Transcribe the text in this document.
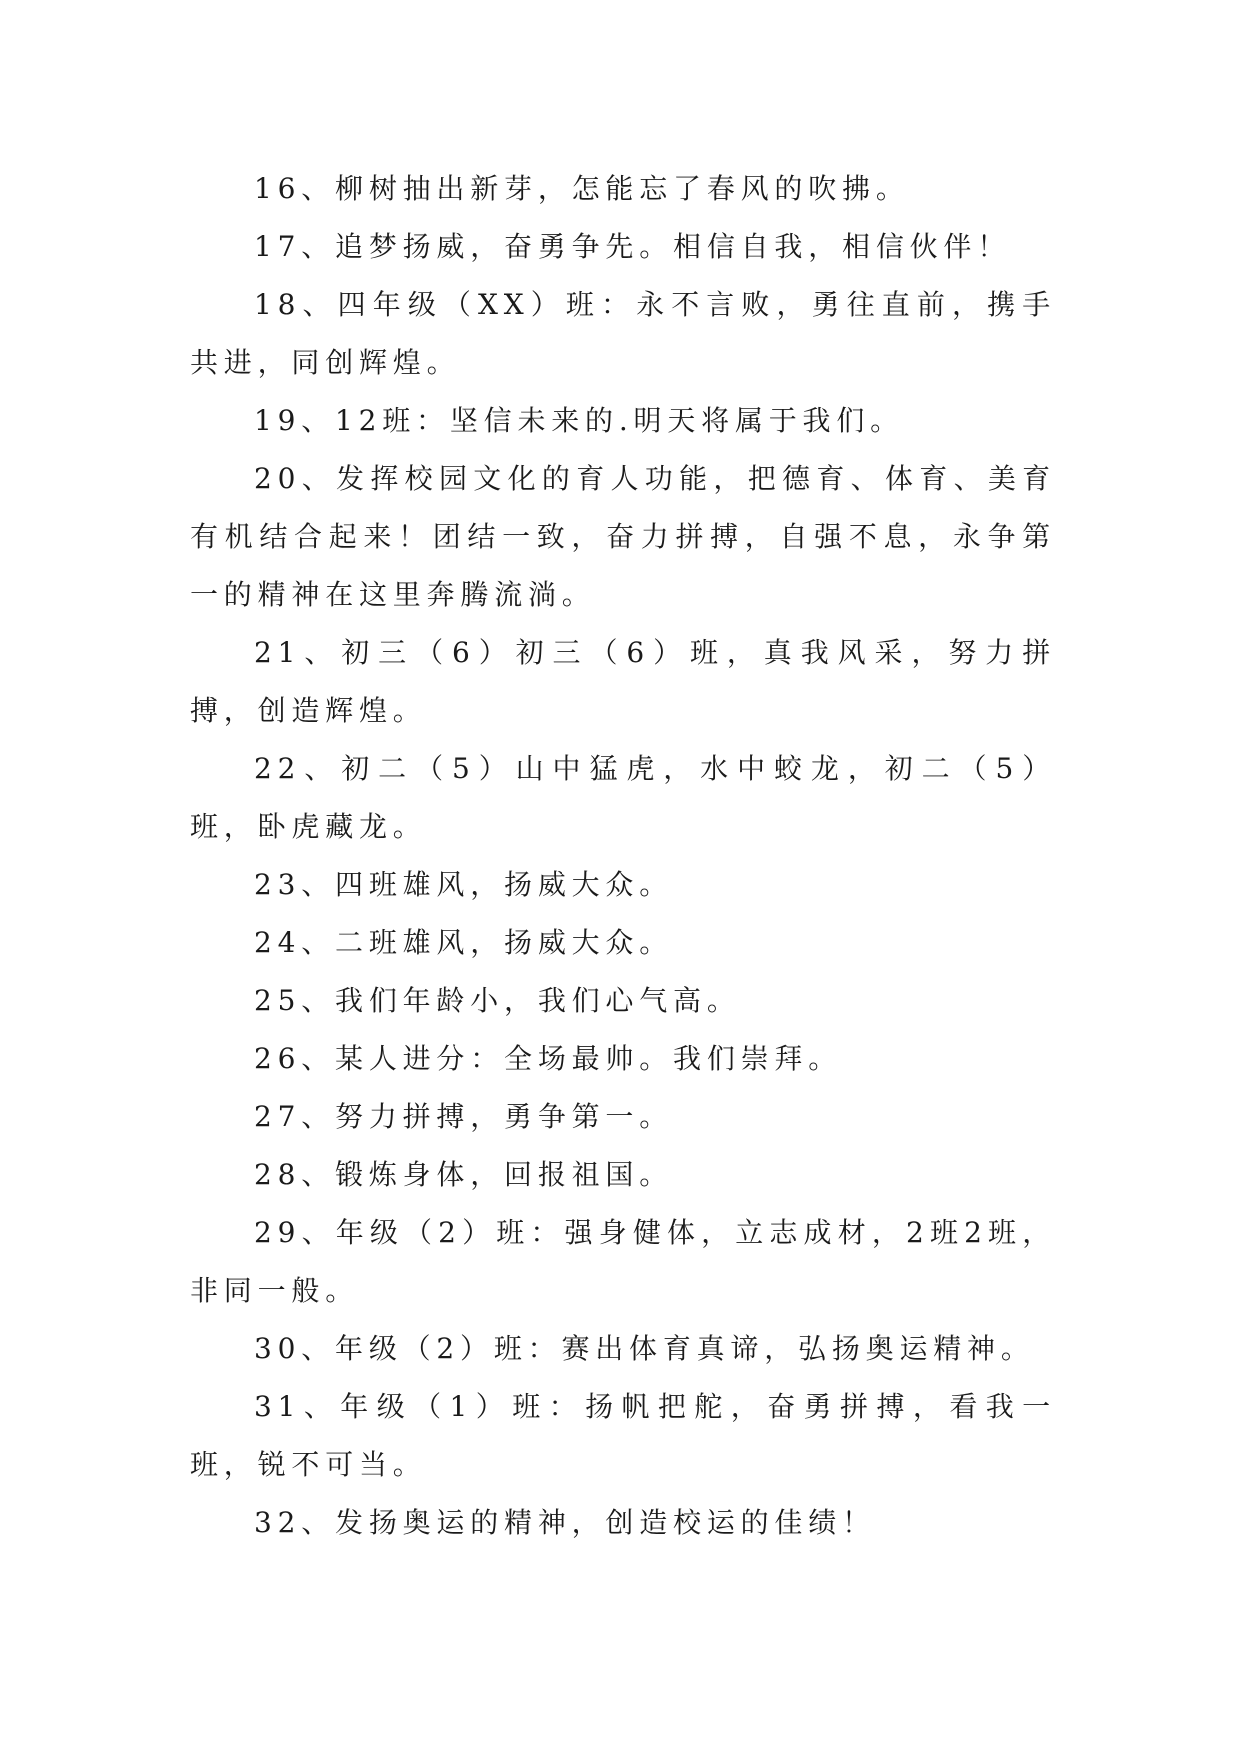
16、柳树抽出新芽，怎能忘了春风的吹拂。

17、追梦扬威，奋勇争先。相信自我，相信伙伴！

18、四年级（XX）班：永不言败，勇往直前，携手共进，同创辉煌。

19、12班：坚信未来的.明天将属于我们。

20、发挥校园文化的育人功能，把德育、体育、美育有机结合起来！团结一致，奋力拼搏，自强不息，永争第一的精神在这里奔腾流淌。

21、初三（6）初三（6）班，真我风采，努力拼搏，创造辉煌。

22、初二（5）山中猛虎，水中蛟龙，初二（5）班，卧虎藏龙。

23、四班雄风，扬威大众。

24、二班雄风，扬威大众。

25、我们年龄小，我们心气高。

26、某人进分：全场最帅。我们崇拜。

27、努力拼搏，勇争第一。

28、锻炼身体，回报祖国。

29、年级（2）班：强身健体，立志成材，2班2班，非同一般。

30、年级（2）班：赛出体育真谛，弘扬奥运精神。

31、年级（1）班：扬帆把舵，奋勇拼搏，看我一班，锐不可当。

32、发扬奥运的精神，创造校运的佳绩！
